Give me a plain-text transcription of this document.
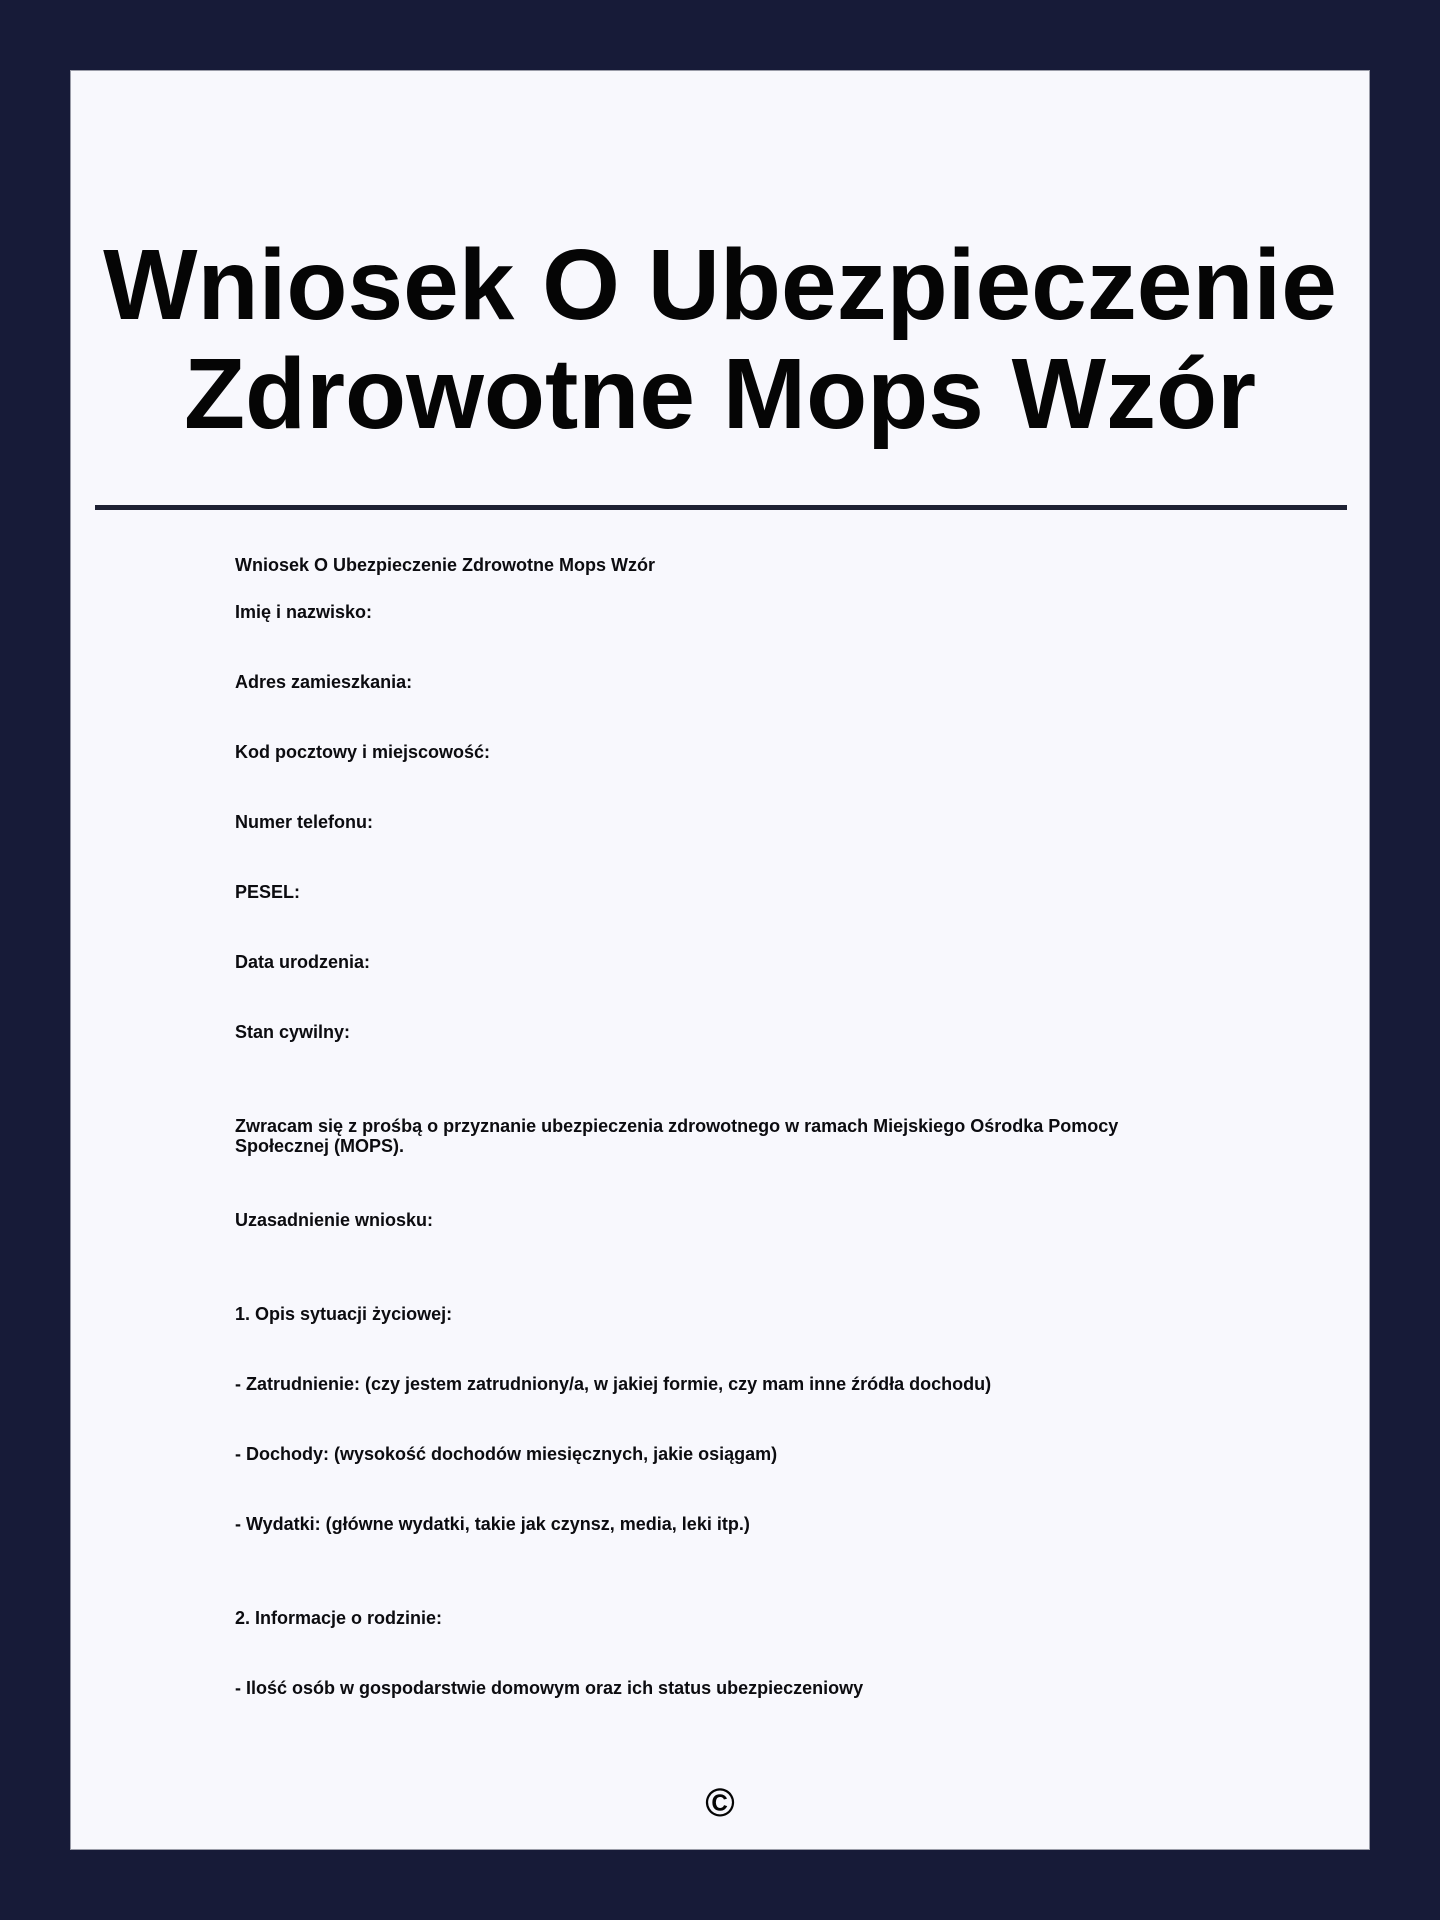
Wniosek O Ubezpieczenie
Zdrowotne Mops Wzór
Wniosek O Ubezpieczenie Zdrowotne Mops Wzór
Imię i nazwisko:
Adres zamieszkania:
Kod pocztowy i miejscowość:
Numer telefonu:
PESEL:
Data urodzenia:
Stan cywilny:
Zwracam się z prośbą o przyznanie ubezpieczenia zdrowotnego w ramach Miejskiego Ośrodka Pomocy Społecznej (MOPS).
Uzasadnienie wniosku:
1. Opis sytuacji życiowej:
- Zatrudnienie: (czy jestem zatrudniony/a, w jakiej formie, czy mam inne źródła dochodu)
- Dochody: (wysokość dochodów miesięcznych, jakie osiągam)
- Wydatki: (główne wydatki, takie jak czynsz, media, leki itp.)
2. Informacje o rodzinie:
- Ilość osób w gospodarstwie domowym oraz ich status ubezpieczeniowy
©
